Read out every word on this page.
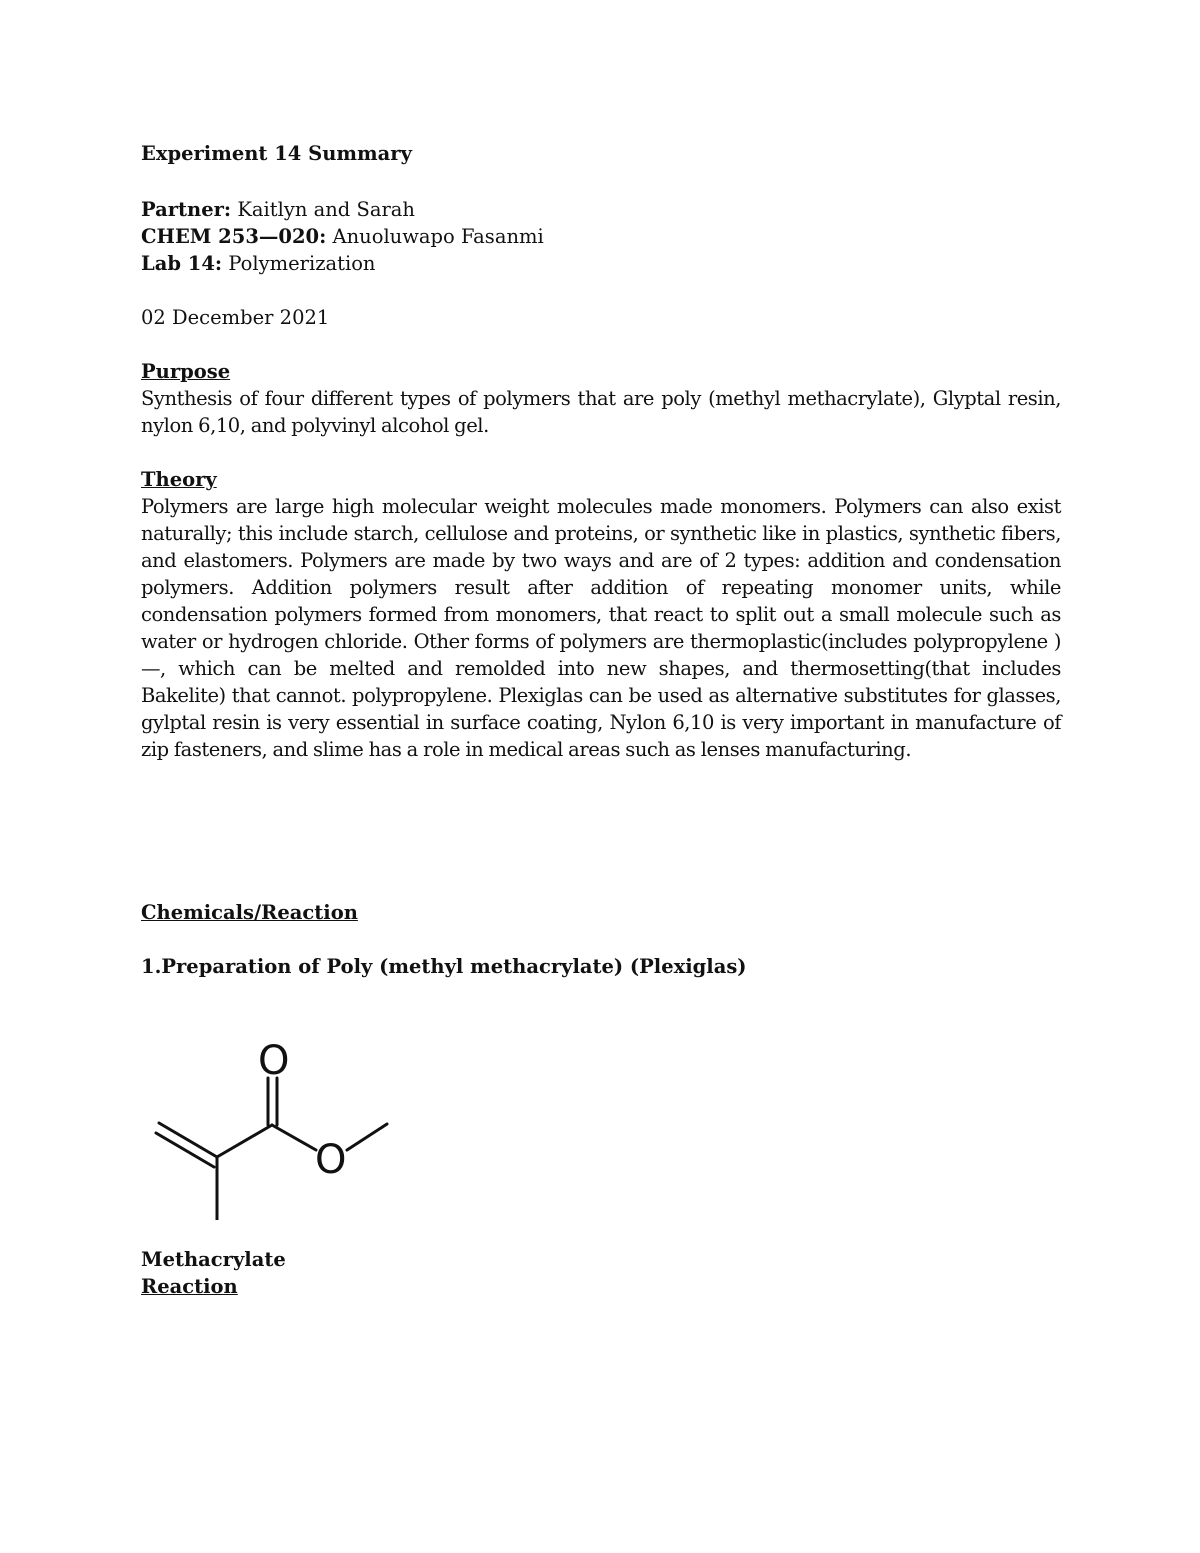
Experiment 14 Summary

Partner: Kaitlyn and Sarah

CHEM 253—020: Anuoluwapo Fasanmi

Lab 14: Polymerization

02 December 2021

Purpose

Synthesis of four different types of polymers that are poly (methyl methacrylate), Glyptal resin, nylon 6,10, and polyvinyl alcohol gel.

Theory

Polymers are large high molecular weight molecules made monomers. Polymers can also exist naturally; this include starch, cellulose and proteins, or synthetic like in plastics, synthetic fibers, and elastomers. Polymers are made by two ways and are of 2 types: addition and condensation polymers. Addition polymers result after addition of repeating monomer units, while condensation polymers formed from monomers, that react to split out a small molecule such as water or hydrogen chloride. Other forms of polymers are thermoplastic(includes polypropylene )—, which can be melted and remolded into new shapes, and thermosetting(that includes Bakelite) that cannot. polypropylene. Plexiglas can be used as alternative substitutes for glasses, gylptal resin is very essential in surface coating, Nylon 6,10 is very important in manufacture of zip fasteners, and slime has a role in medical areas such as lenses manufacturing.

Chemicals/Reaction

1.Preparation of Poly (methyl methacrylate) (Plexiglas)

O
O

Methacrylate

Reaction
